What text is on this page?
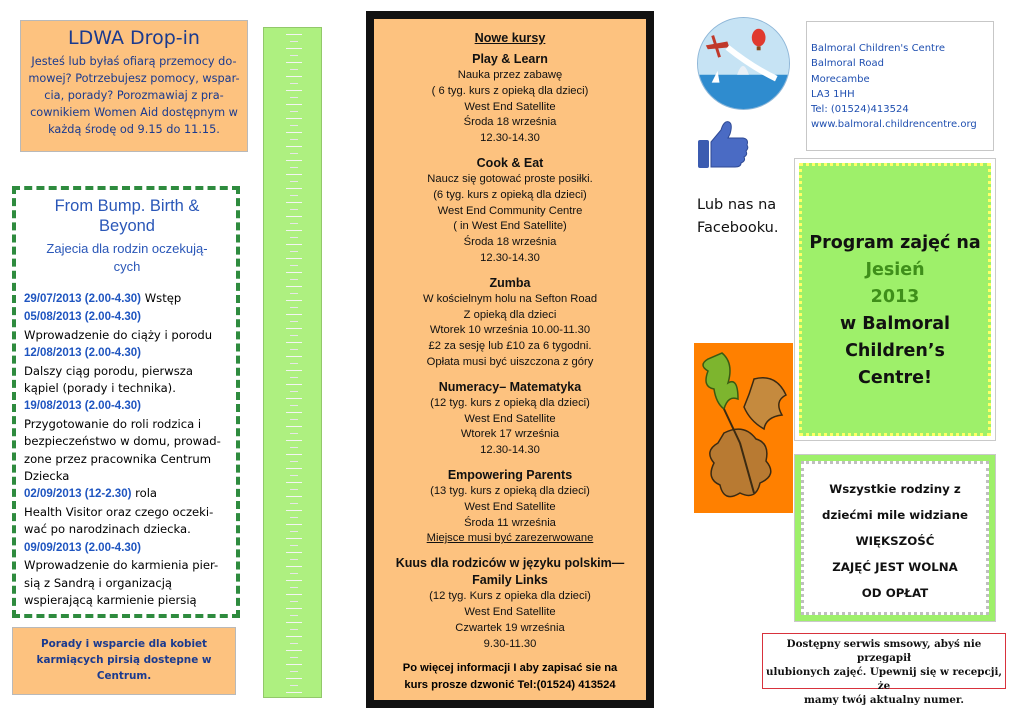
LDWA Drop-in

Jesteś lub byłaś ofiarą przemocy do-
mowej? Potrzebujesz pomocy, wspar-
cia, porady? Porozmawiaj z pra-
cownikiem Women Aid dostępnym w
każdą środę od 9.15 do 11.15.

From Bump. Birth &
Beyond
Zajecia dla rodzin oczekują-
cych
29/07/2013 (2.00-4.30) Wstęp
05/08/2013 (2.00-4.30)
Wprowadzenie do ciąży i porodu
12/08/2013 (2.00-4.30)
Dalszy ciąg porodu, pierwsza
kąpiel (porady i technika).
19/08/2013 (2.00-4.30)
Przygotowanie do roli rodzica i
bezpieczeństwo w domu, prowad-
zone przez pracownika Centrum
Dziecka
02/09/2013 (12-2.30) rola
Health Visitor oraz czego oczeki-
wać po narodzinach dziecka.
09/09/2013 (2.00-4.30)
Wprowadzenie do karmienia pier-
sią z Sandrą i organizacją
wspierającą karmienie piersią

Porady i wsparcie dla kobiet
karmiących pirsią dostepne w
Centrum.

Nowe kursy
Play & Learn
Nauka przez zabawę
( 6 tyg. kurs z opieką dla dzieci)
West End Satellite
Środa 18 września
12.30-14.30
Cook & Eat
Naucz się gotować proste posiłki.
(6 tyg. kurs z opieką dla dzieci)
West End Community Centre
( in West End Satellite)
Środa 18 września
12.30-14.30
Zumba
W kościelnym holu na Sefton Road
Z opieką dla dzieci
Wtorek 10 września 10.00-11.30
£2 za sesję lub £10 za 6 tygodni.
Opłata musi być uiszczona z góry
Numeracy– Matematyka
(12 tyg. kurs z opieką dla dzieci)
West End Satellite
Wtorek 17 września
12.30-14.30
Empowering Parents
(13 tyg. kurs z opieką dla dzieci)
West End Satellite
Środa 11 września
Miejsce musi być zarezerwowane
Kuus dla rodziców w języku polskim—
Family Links
(12 tyg. Kurs z opieka dla dzieci)
West End Satellite
Czwartek 19 września
9.30-11.30
Po więcej informacji I aby zapisać sie na
kurs prosze dzwonić Tel:(01524) 413524

Balmoral Children's Centre
Balmoral Road
Morecambe
LA3 1HH
Tel: (01524)413524
www.balmoral.childrencentre.org

Lub nas na
Facebooku.
Program zajęć na
Jesień
2013
w Balmoral
Children’s
Centre!

Wszystkie rodziny z
dziećmi mile widziane
WIĘKSZOŚĆ
ZAJĘĆ JEST WOLNA
OD OPŁAT

Dostępny serwis smsowy, abyś nie przegapił
ulubionych zajęć. Upewnij się w recepcji, że
mamy twój aktualny numer.
